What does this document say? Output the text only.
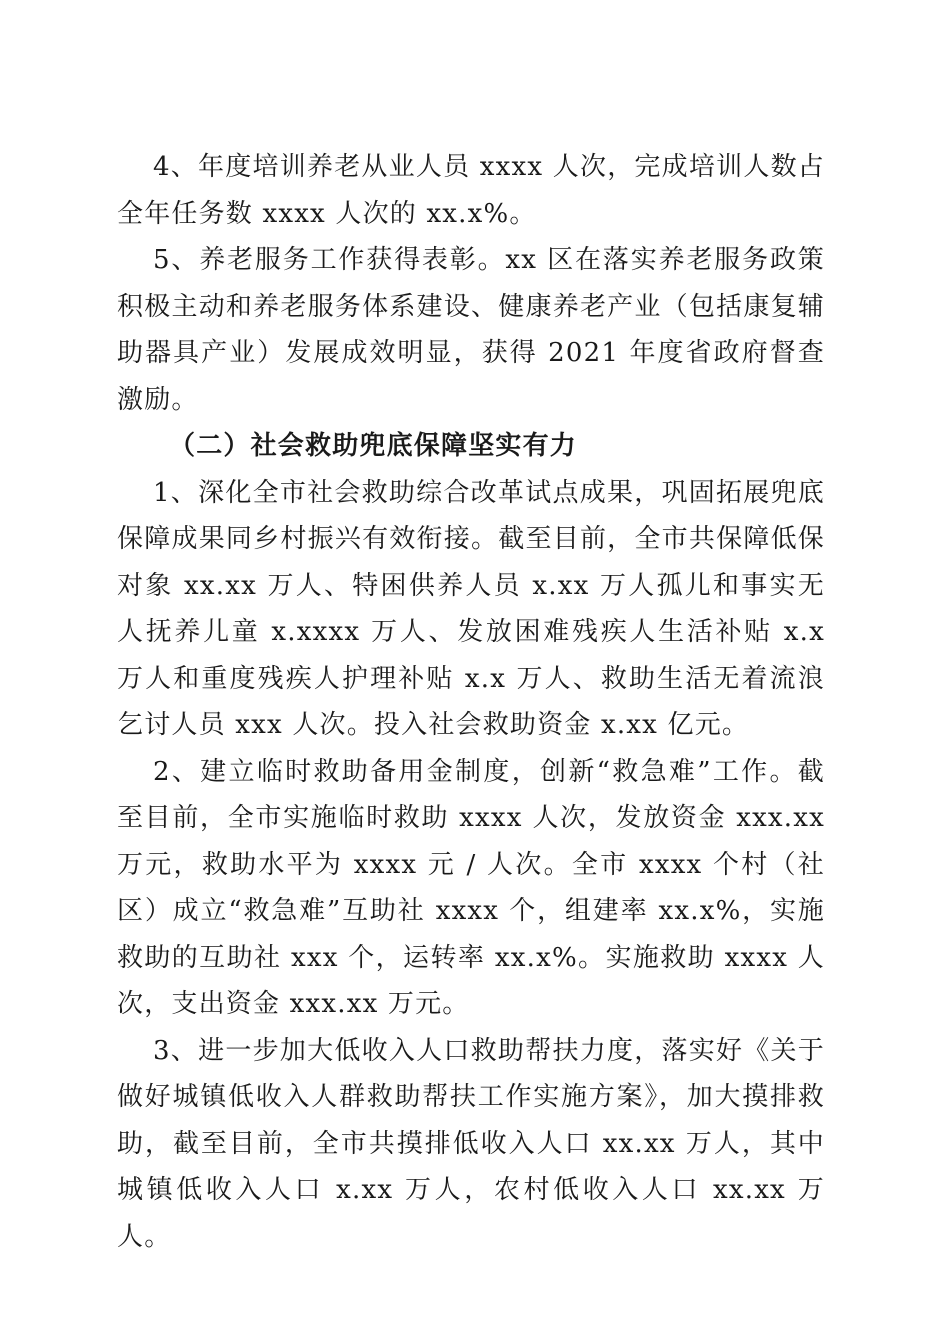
4、年度培训养老从业人员 xxxx 人次，完成培训人数占全年任务数 xxxx 人次的 xx.x%。

5、养老服务工作获得表彰。xx 区在落实养老服务政策积极主动和养老服务体系建设、健康养老产业（包括康复辅助器具产业）发展成效明显，获得 2021 年度省政府督查激励。

（二）社会救助兜底保障坚实有力

1、深化全市社会救助综合改革试点成果，巩固拓展兜底保障成果同乡村振兴有效衔接。截至目前，全市共保障低保对象 xx.xx 万人、特困供养人员 x.xx 万人孤儿和事实无人抚养儿童 x.xxxx 万人、发放困难残疾人生活补贴 x.x 万人和重度残疾人护理补贴 x.x 万人、救助生活无着流浪乞讨人员 xxx 人次。投入社会救助资金 x.xx 亿元。

2、建立临时救助备用金制度，创新“救急难”工作。截至目前，全市实施临时救助 xxxx 人次，发放资金 xxx.xx 万元，救助水平为 xxxx 元 / 人次。全市 xxxx 个村（社区）成立“救急难”互助社 xxxx 个，组建率 xx.x%，实施救助的互助社 xxx 个，运转率 xx.x%。实施救助 xxxx 人次，支出资金 xxx.xx 万元。

3、进一步加大低收入人口救助帮扶力度，落实好《关于做好城镇低收入人群救助帮扶工作实施方案》，加大摸排救助，截至目前，全市共摸排低收入人口 xx.xx 万人，其中城镇低收入人口 x.xx 万人，农村低收入人口 xx.xx 万人。
